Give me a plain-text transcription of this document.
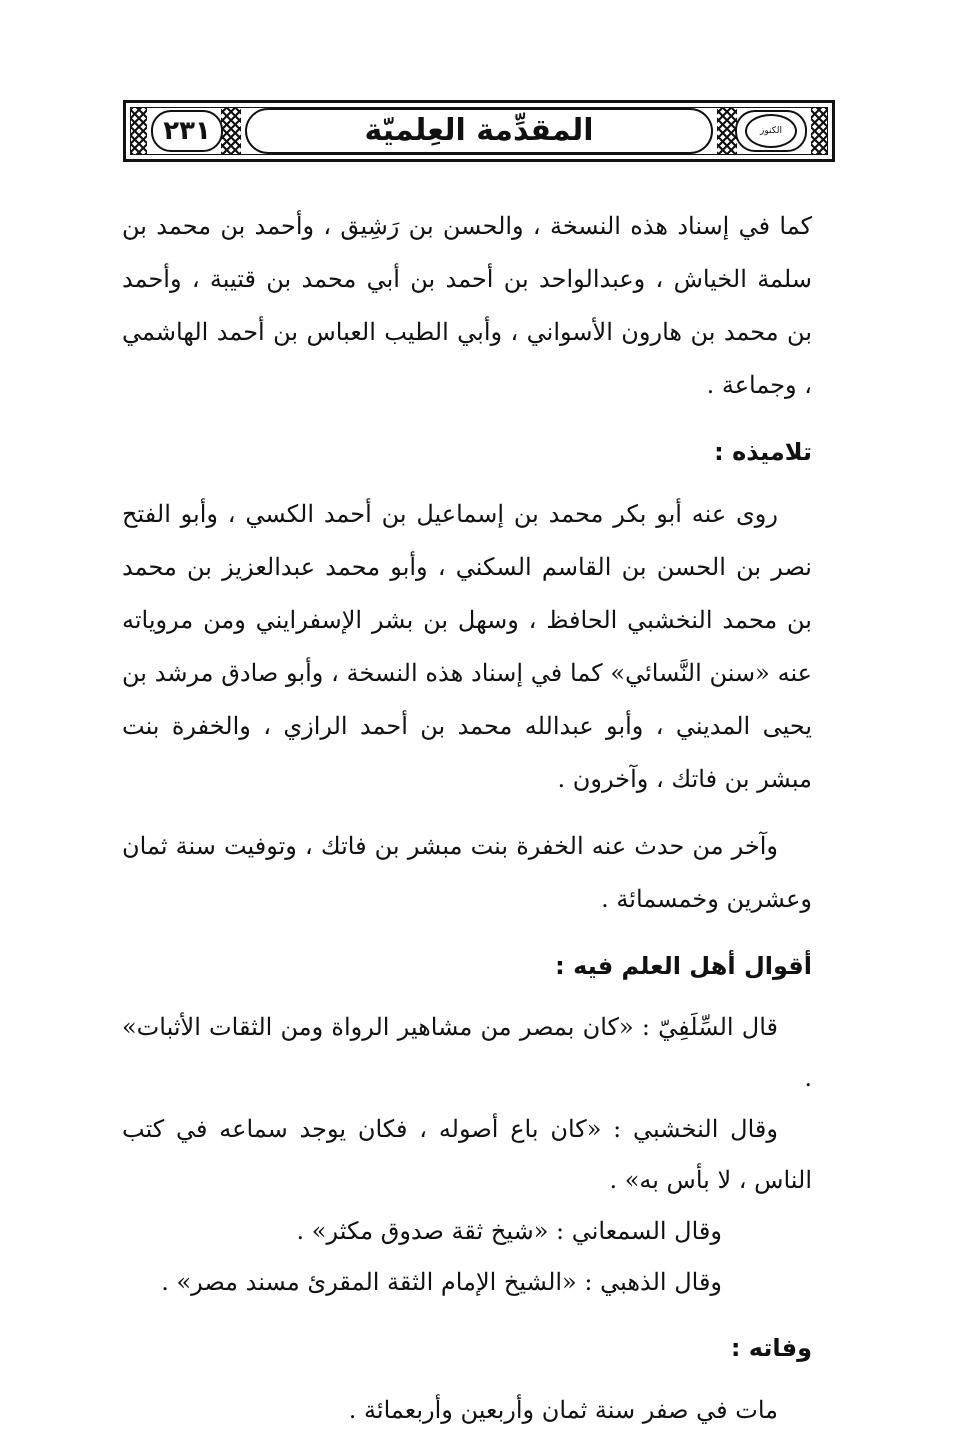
٢٣١	المقدِّمة العِلميّة	الكنوز

كما في إسناد هذه النسخة ، والحسن بن رَشِيق ، وأحمد بن محمد بن سلمة الخياش ، وعبدالواحد بن أحمد بن أبي محمد بن قتيبة ، وأحمد بن محمد بن هارون الأسواني ، وأبي الطيب العباس بن أحمد الهاشمي ، وجماعة .

تلاميذه :

روى عنه أبو بكر محمد بن إسماعيل بن أحمد الكسي ، وأبو الفتح نصر بن الحسن بن القاسم السكني ، وأبو محمد عبدالعزيز بن محمد بن محمد النخشبي الحافظ ، وسهل بن بشر الإسفرايني ومن مروياته عنه «سنن النَّسائي» كما في إسناد هذه النسخة ، وأبو صادق مرشد بن يحيى المديني ، وأبو عبدالله محمد بن أحمد الرازي ، والخفرة بنت مبشر بن فاتك ، وآخرون .

وآخر من حدث عنه الخفرة بنت مبشر بن فاتك ، وتوفيت سنة ثمان وعشرين وخمسمائة .

أقوال أهل العلم فيه :

قال السِّلَفِيّ : «كان بمصر من مشاهير الرواة ومن الثقات الأثبات» .

وقال النخشبي : «كان باع أصوله ، فكان يوجد سماعه في كتب الناس ، لا بأس به» .

وقال السمعاني : «شيخ ثقة صدوق مكثر» .

وقال الذهبي : «الشيخ الإمام الثقة المقرئ مسند مصر» .

وفاته :

مات في صفر سنة ثمان وأربعين وأربعمائة .
